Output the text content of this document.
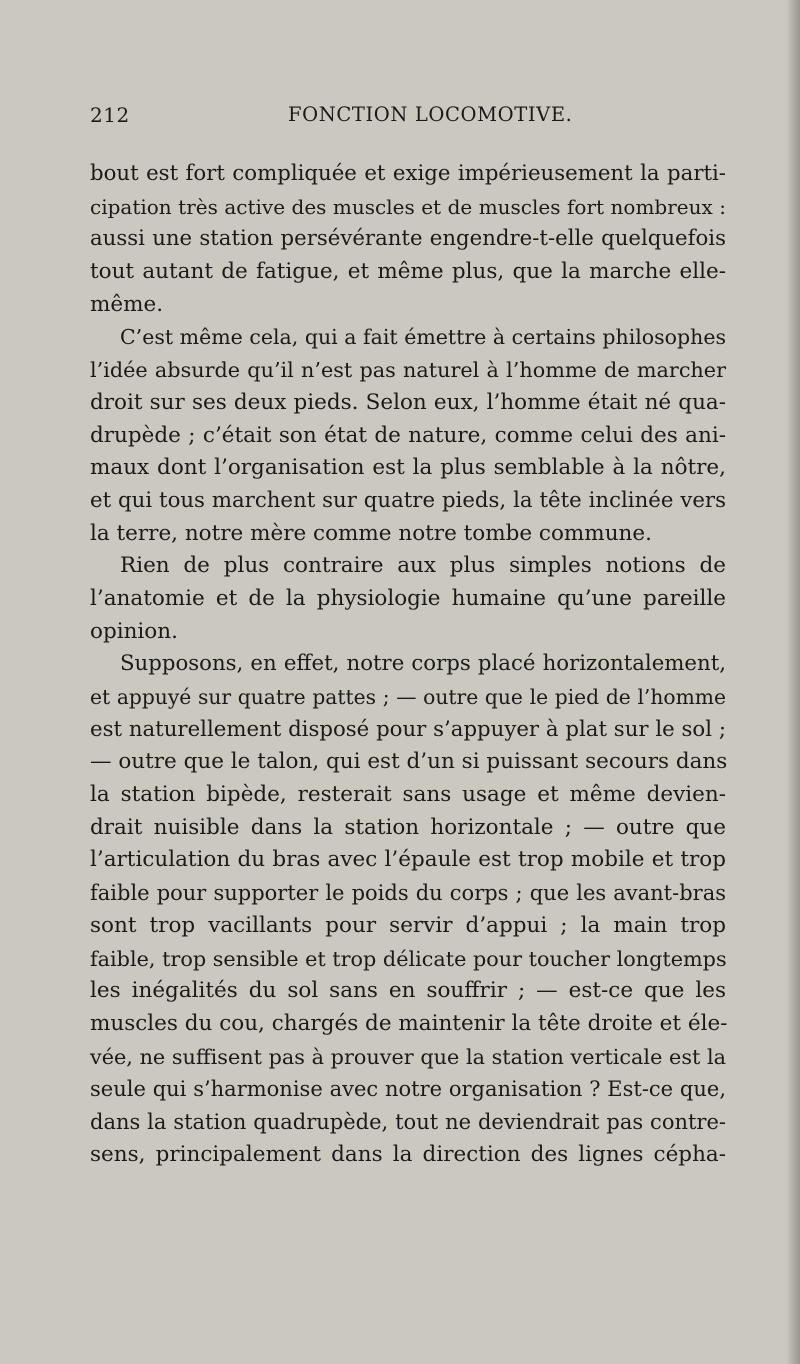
212	FONCTION LOCOMOTIVE.
bout est fort compliquée et exige impérieusement la parti-
cipation très active des muscles et de muscles fort nombreux :
aussi une station persévérante engendre-t-elle quelquefois
tout autant de fatigue, et même plus, que la marche elle-
même.
C’est même cela, qui a fait émettre à certains philosophes
l’idée absurde qu’il n’est pas naturel à l’homme de marcher
droit sur ses deux pieds. Selon eux, l’homme était né qua-
drupède ; c’était son état de nature, comme celui des ani-
maux dont l’organisation est la plus semblable à la nôtre,
et qui tous marchent sur quatre pieds, la tête inclinée vers
la terre, notre mère comme notre tombe commune.
Rien de plus contraire aux plus simples notions de
l’anatomie et de la physiologie humaine qu’une pareille
opinion.
Supposons, en effet, notre corps placé horizontalement,
et appuyé sur quatre pattes ; — outre que le pied de l’homme
est naturellement disposé pour s’appuyer à plat sur le sol ;
— outre que le talon, qui est d’un si puissant secours dans
la station bipède, resterait sans usage et même devien-
drait nuisible dans la station horizontale ; — outre que
l’articulation du bras avec l’épaule est trop mobile et trop
faible pour supporter le poids du corps ; que les avant-bras
sont trop vacillants pour servir d’appui ; la main trop
faible, trop sensible et trop délicate pour toucher longtemps
les inégalités du sol sans en souffrir ; — est-ce que les
muscles du cou, chargés de maintenir la tête droite et éle-
vée, ne suffisent pas à prouver que la station verticale est la
seule qui s’harmonise avec notre organisation ? Est-ce que,
dans la station quadrupède, tout ne deviendrait pas contre-
sens, principalement dans la direction des lignes cépha-
